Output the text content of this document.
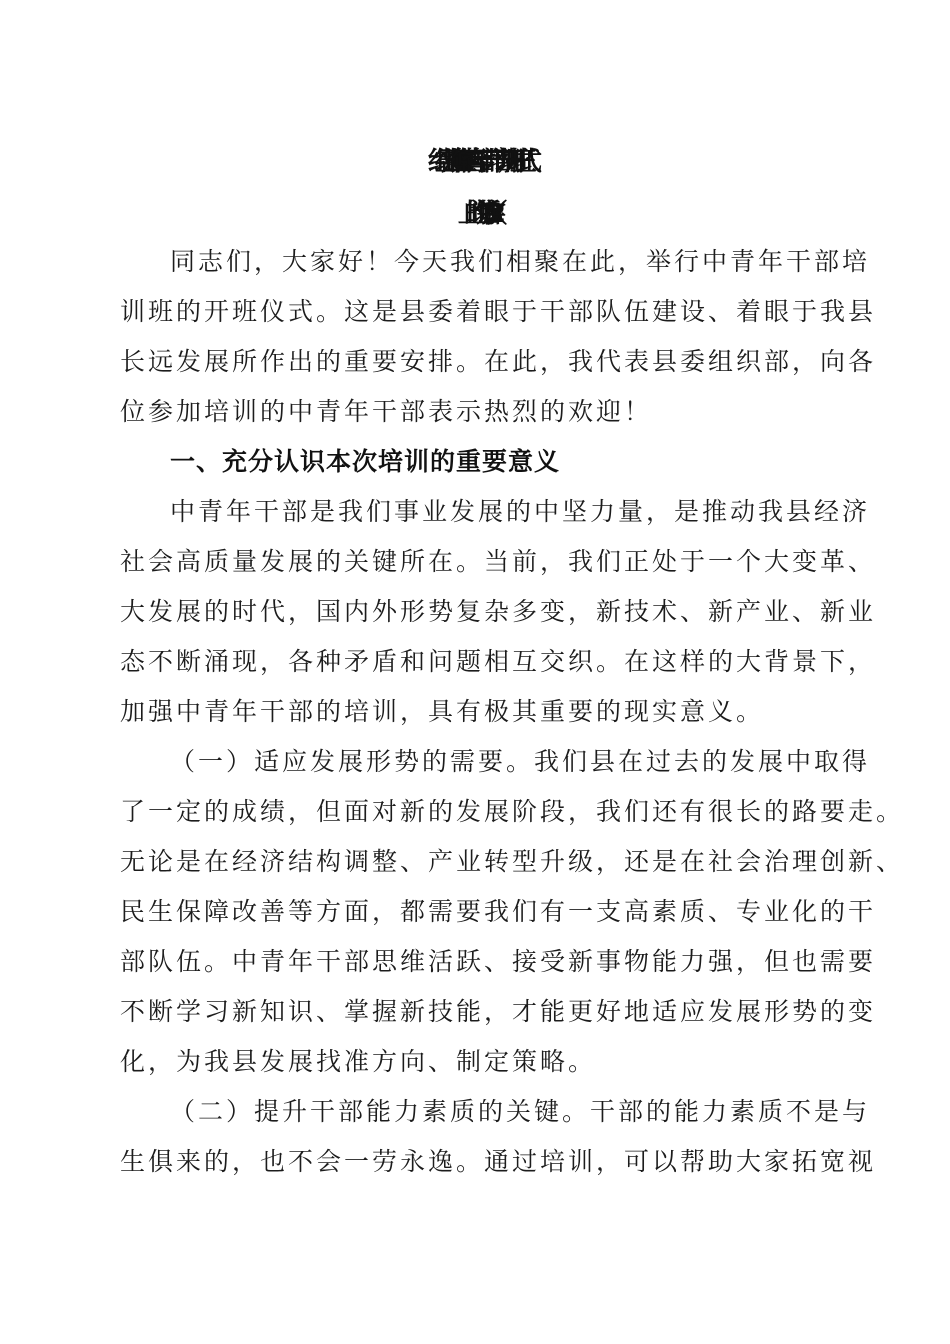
组织部长在2024年中青年干部培训班开班式
上的讲话（2355字）
同志们，大家好！今天我们相聚在此，举行中青年干部培
训班的开班仪式。这是县委着眼于干部队伍建设、着眼于我县
长远发展所作出的重要安排。在此，我代表县委组织部，向各
位参加培训的中青年干部表示热烈的欢迎！
一、充分认识本次培训的重要意义
中青年干部是我们事业发展的中坚力量，是推动我县经济
社会高质量发展的关键所在。当前，我们正处于一个大变革、
大发展的时代，国内外形势复杂多变，新技术、新产业、新业
态不断涌现，各种矛盾和问题相互交织。在这样的大背景下，
加强中青年干部的培训，具有极其重要的现实意义。
（一）适应发展形势的需要。我们县在过去的发展中取得
了一定的成绩，但面对新的发展阶段，我们还有很长的路要走。
无论是在经济结构调整、产业转型升级，还是在社会治理创新、
民生保障改善等方面，都需要我们有一支高素质、专业化的干
部队伍。中青年干部思维活跃、接受新事物能力强，但也需要
不断学习新知识、掌握新技能，才能更好地适应发展形势的变
化，为我县发展找准方向、制定策略。
（二）提升干部能力素质的关键。干部的能力素质不是与
生俱来的，也不会一劳永逸。通过培训，可以帮助大家拓宽视
